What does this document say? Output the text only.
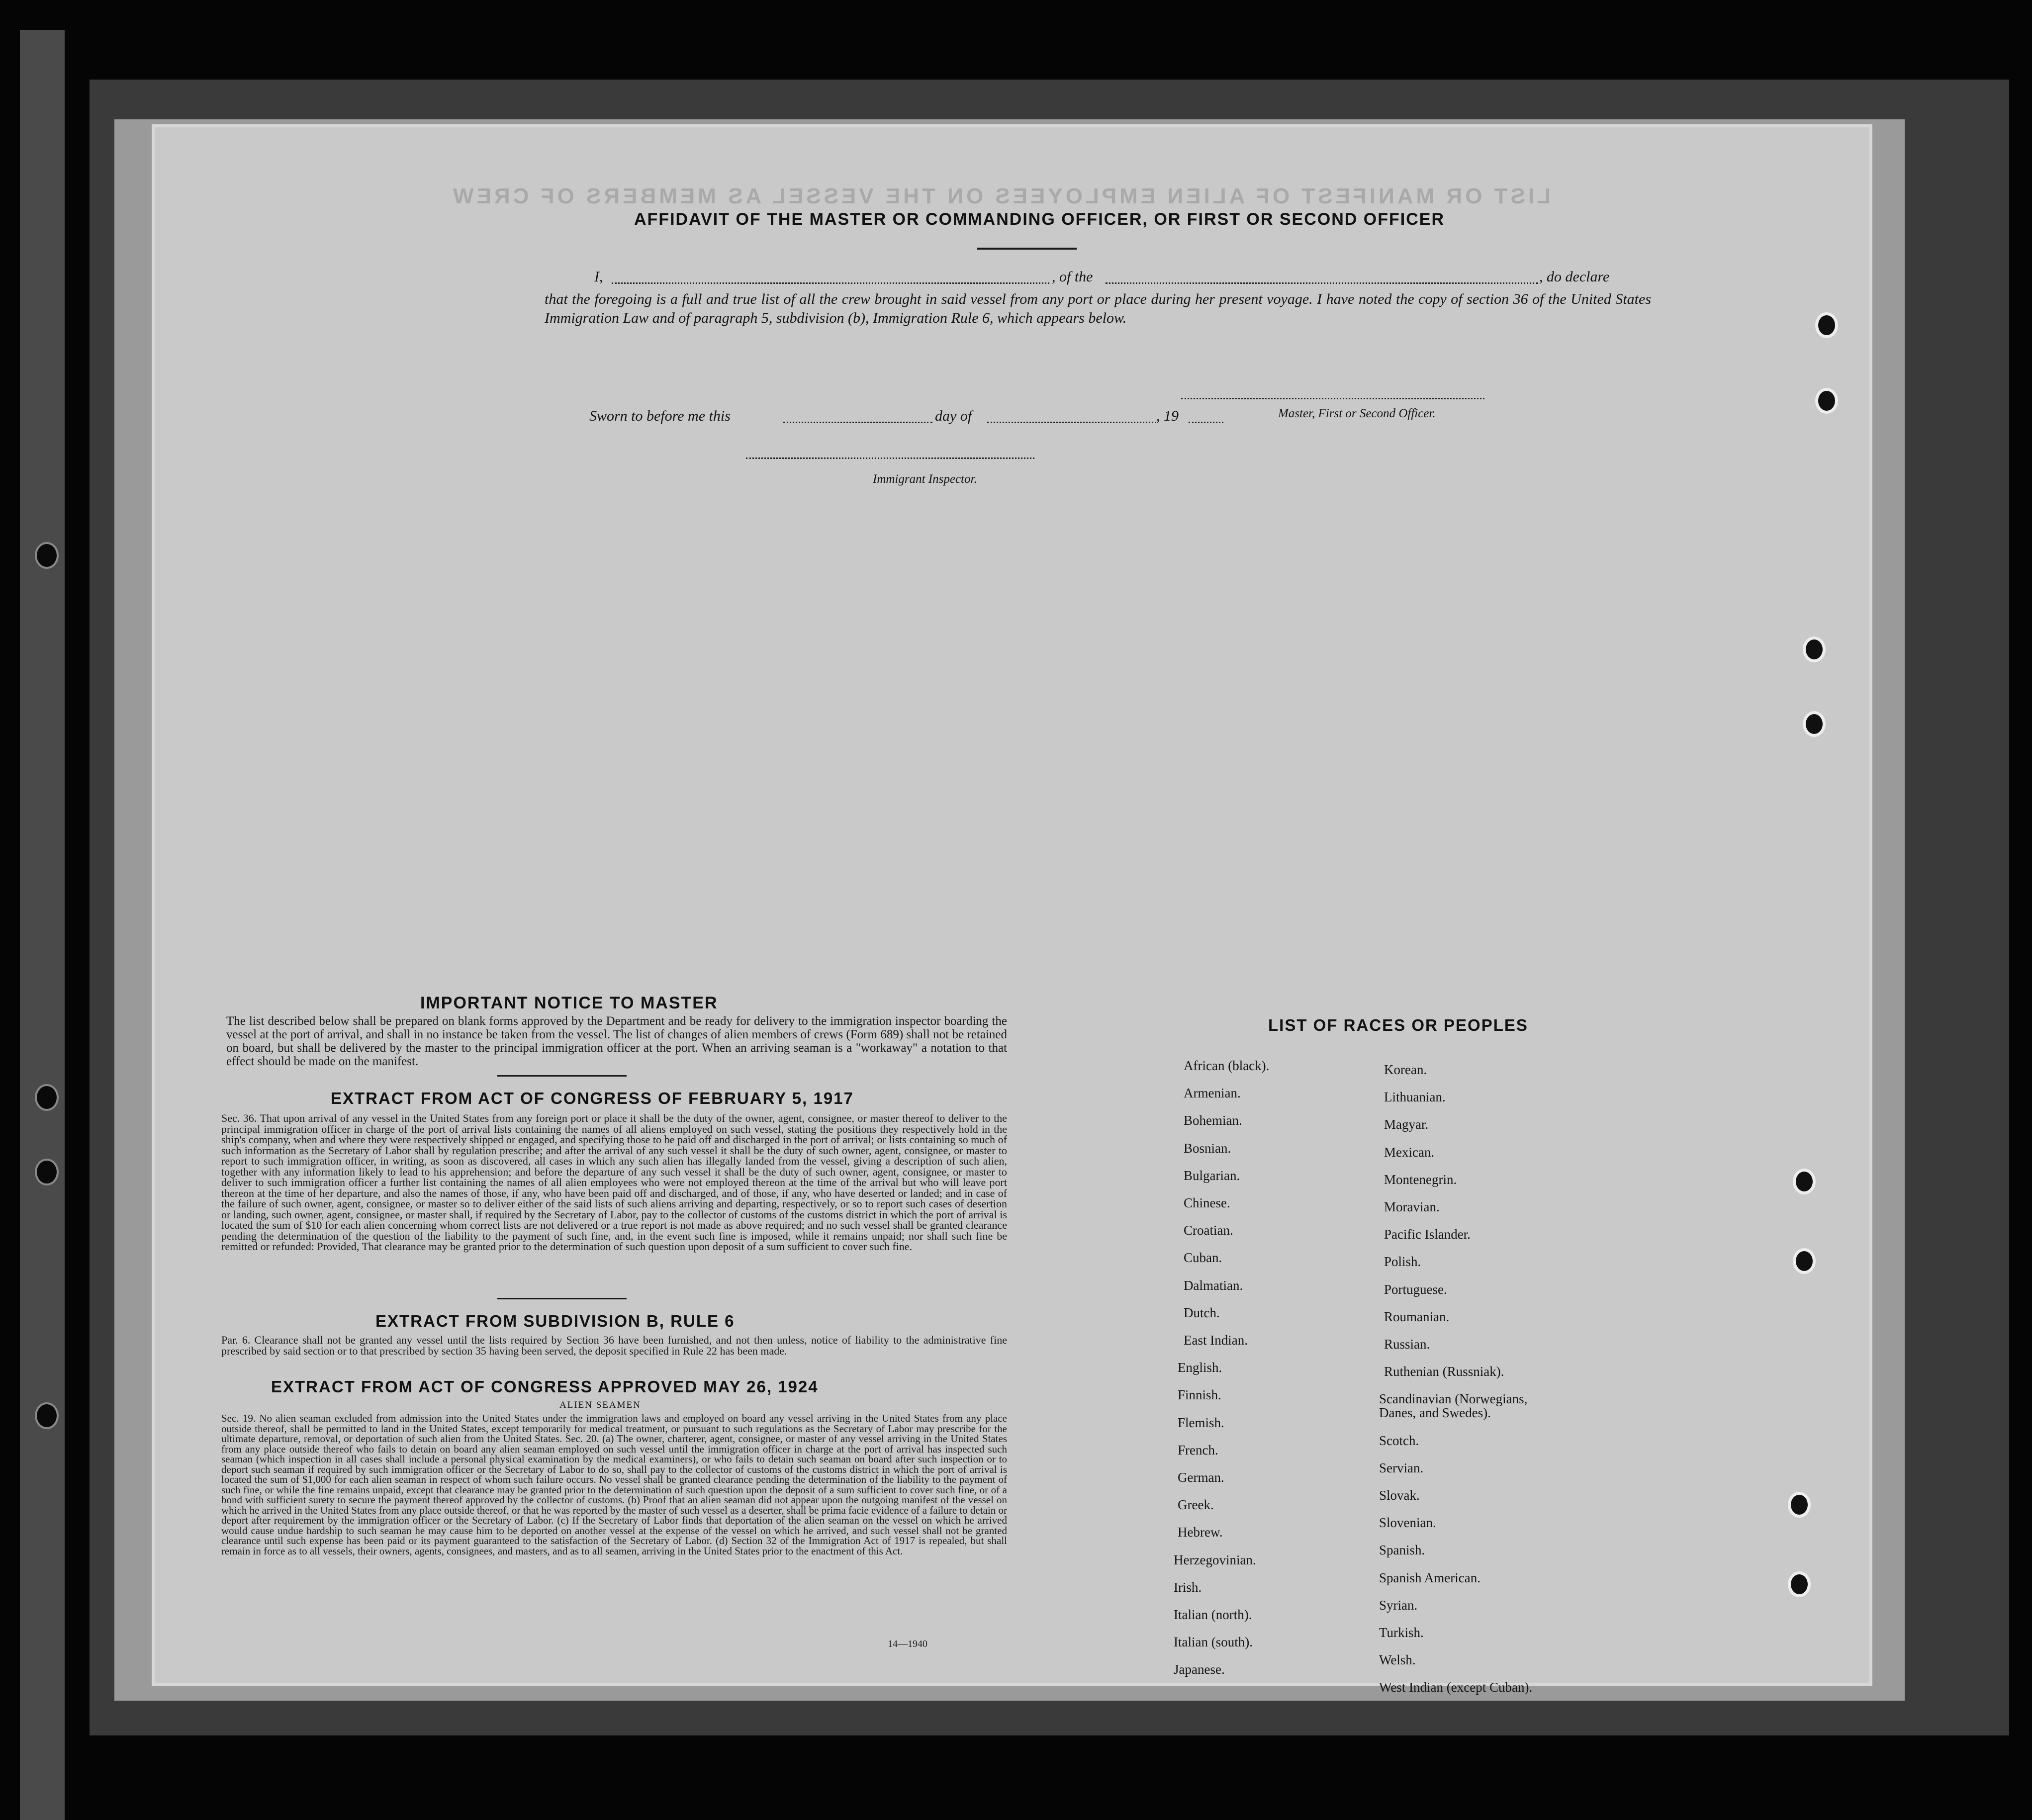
LIST OR MANIFEST OF ALIEN EMPLOYEES ON THE VESSEL AS MEMBERS OF CREW
AFFIDAVIT OF THE MASTER OR COMMANDING OFFICER, OR FIRST OR SECOND OFFICER
I,	, of the	, do declare
that the foregoing is a full and true list of all the crew brought in said vessel from any port or place during her present voyage. I have noted the copy of section 36 of the United States Immigration Law and of paragraph 5, subdivision (b), Immigration Rule 6, which appears below.
Master, First or Second Officer.
Sworn to before me this	day of	, 19
Immigrant Inspector.
IMPORTANT NOTICE TO MASTER
The list described below shall be prepared on blank forms approved by the Department and be ready for delivery to the immigration inspector boarding the vessel at the port of arrival, and shall in no instance be taken from the vessel. The list of changes of alien members of crews (Form 689) shall not be retained on board, but shall be delivered by the master to the principal immigration officer at the port. When an arriving seaman is a "workaway" a notation to that effect should be made on the manifest.
EXTRACT FROM ACT OF CONGRESS OF FEBRUARY 5, 1917
Sec. 36. That upon arrival of any vessel in the United States from any foreign port or place it shall be the duty of the owner, agent, consignee, or master thereof to deliver to the principal immigration officer in charge of the port of arrival lists containing the names of all aliens employed on such vessel, stating the positions they respectively hold in the ship's company, when and where they were respectively shipped or engaged, and specifying those to be paid off and discharged in the port of arrival; or lists containing so much of such information as the Secretary of Labor shall by regulation prescribe; and after the arrival of any such vessel it shall be the duty of such owner, agent, consignee, or master to report to such immigration officer, in writing, as soon as discovered, all cases in which any such alien has illegally landed from the vessel, giving a description of such alien, together with any information likely to lead to his apprehension; and before the departure of any such vessel it shall be the duty of such owner, agent, consignee, or master to deliver to such immigration officer a further list containing the names of all alien employees who were not employed thereon at the time of the arrival but who will leave port thereon at the time of her departure, and also the names of those, if any, who have been paid off and discharged, and of those, if any, who have deserted or landed; and in case of the failure of such owner, agent, consignee, or master so to deliver either of the said lists of such aliens arriving and departing, respectively, or so to report such cases of desertion or landing, such owner, agent, consignee, or master shall, if required by the Secretary of Labor, pay to the collector of customs of the customs district in which the port of arrival is located the sum of $10 for each alien concerning whom correct lists are not delivered or a true report is not made as above required; and no such vessel shall be granted clearance pending the determination of the question of the liability to the payment of such fine, and, in the event such fine is imposed, while it remains unpaid; nor shall such fine be remitted or refunded: Provided, That clearance may be granted prior to the determination of such question upon deposit of a sum sufficient to cover such fine.
EXTRACT FROM SUBDIVISION B, RULE 6
Par. 6. Clearance shall not be granted any vessel until the lists required by Section 36 have been furnished, and not then unless, notice of liability to the administrative fine prescribed by said section or to that prescribed by section 35 having been served, the deposit specified in Rule 22 has been made.
EXTRACT FROM ACT OF CONGRESS APPROVED MAY 26, 1924
ALIEN SEAMEN
Sec. 19. No alien seaman excluded from admission into the United States under the immigration laws and employed on board any vessel arriving in the United States from any place outside thereof, shall be permitted to land in the United States, except temporarily for medical treatment, or pursuant to such regulations as the Secretary of Labor may prescribe for the ultimate departure, removal, or deportation of such alien from the United States. Sec. 20. (a) The owner, charterer, agent, consignee, or master of any vessel arriving in the United States from any place outside thereof who fails to detain on board any alien seaman employed on such vessel until the immigration officer in charge at the port of arrival has inspected such seaman (which inspection in all cases shall include a personal physical examination by the medical examiners), or who fails to detain such seaman on board after such inspection or to deport such seaman if required by such immigration officer or the Secretary of Labor to do so, shall pay to the collector of customs of the customs district in which the port of arrival is located the sum of $1,000 for each alien seaman in respect of whom such failure occurs. No vessel shall be granted clearance pending the determination of the liability to the payment of such fine, or while the fine remains unpaid, except that clearance may be granted prior to the determination of such question upon the deposit of a sum sufficient to cover such fine, or of a bond with sufficient surety to secure the payment thereof approved by the collector of customs. (b) Proof that an alien seaman did not appear upon the outgoing manifest of the vessel on which he arrived in the United States from any place outside thereof, or that he was reported by the master of such vessel as a deserter, shall be prima facie evidence of a failure to detain or deport after requirement by the immigration officer or the Secretary of Labor. (c) If the Secretary of Labor finds that deportation of the alien seaman on the vessel on which he arrived would cause undue hardship to such seaman he may cause him to be deported on another vessel at the expense of the vessel on which he arrived, and such vessel shall not be granted clearance until such expense has been paid or its payment guaranteed to the satisfaction of the Secretary of Labor. (d) Section 32 of the Immigration Act of 1917 is repealed, but shall remain in force as to all vessels, their owners, agents, consignees, and masters, and as to all seamen, arriving in the United States prior to the enactment of this Act.
14—1940
LIST OF RACES OR PEOPLES
African (black).
Armenian.
Bohemian.
Bosnian.
Bulgarian.
Chinese.
Croatian.
Cuban.
Dalmatian.
Dutch.
East Indian.
English.
Finnish.
Flemish.
French.
German.
Greek.
Hebrew.
Herzegovinian.
Irish.
Italian (north).
Italian (south).
Japanese.
Korean.
Lithuanian.
Magyar.
Mexican.
Montenegrin.
Moravian.
Pacific Islander.
Polish.
Portuguese.
Roumanian.
Russian.
Ruthenian (Russniak).
Scandinavian (Norwegians,
Danes, and Swedes).
Scotch.
Servian.
Slovak.
Slovenian.
Spanish.
Spanish American.
Syrian.
Turkish.
Welsh.
West Indian (except Cuban).
